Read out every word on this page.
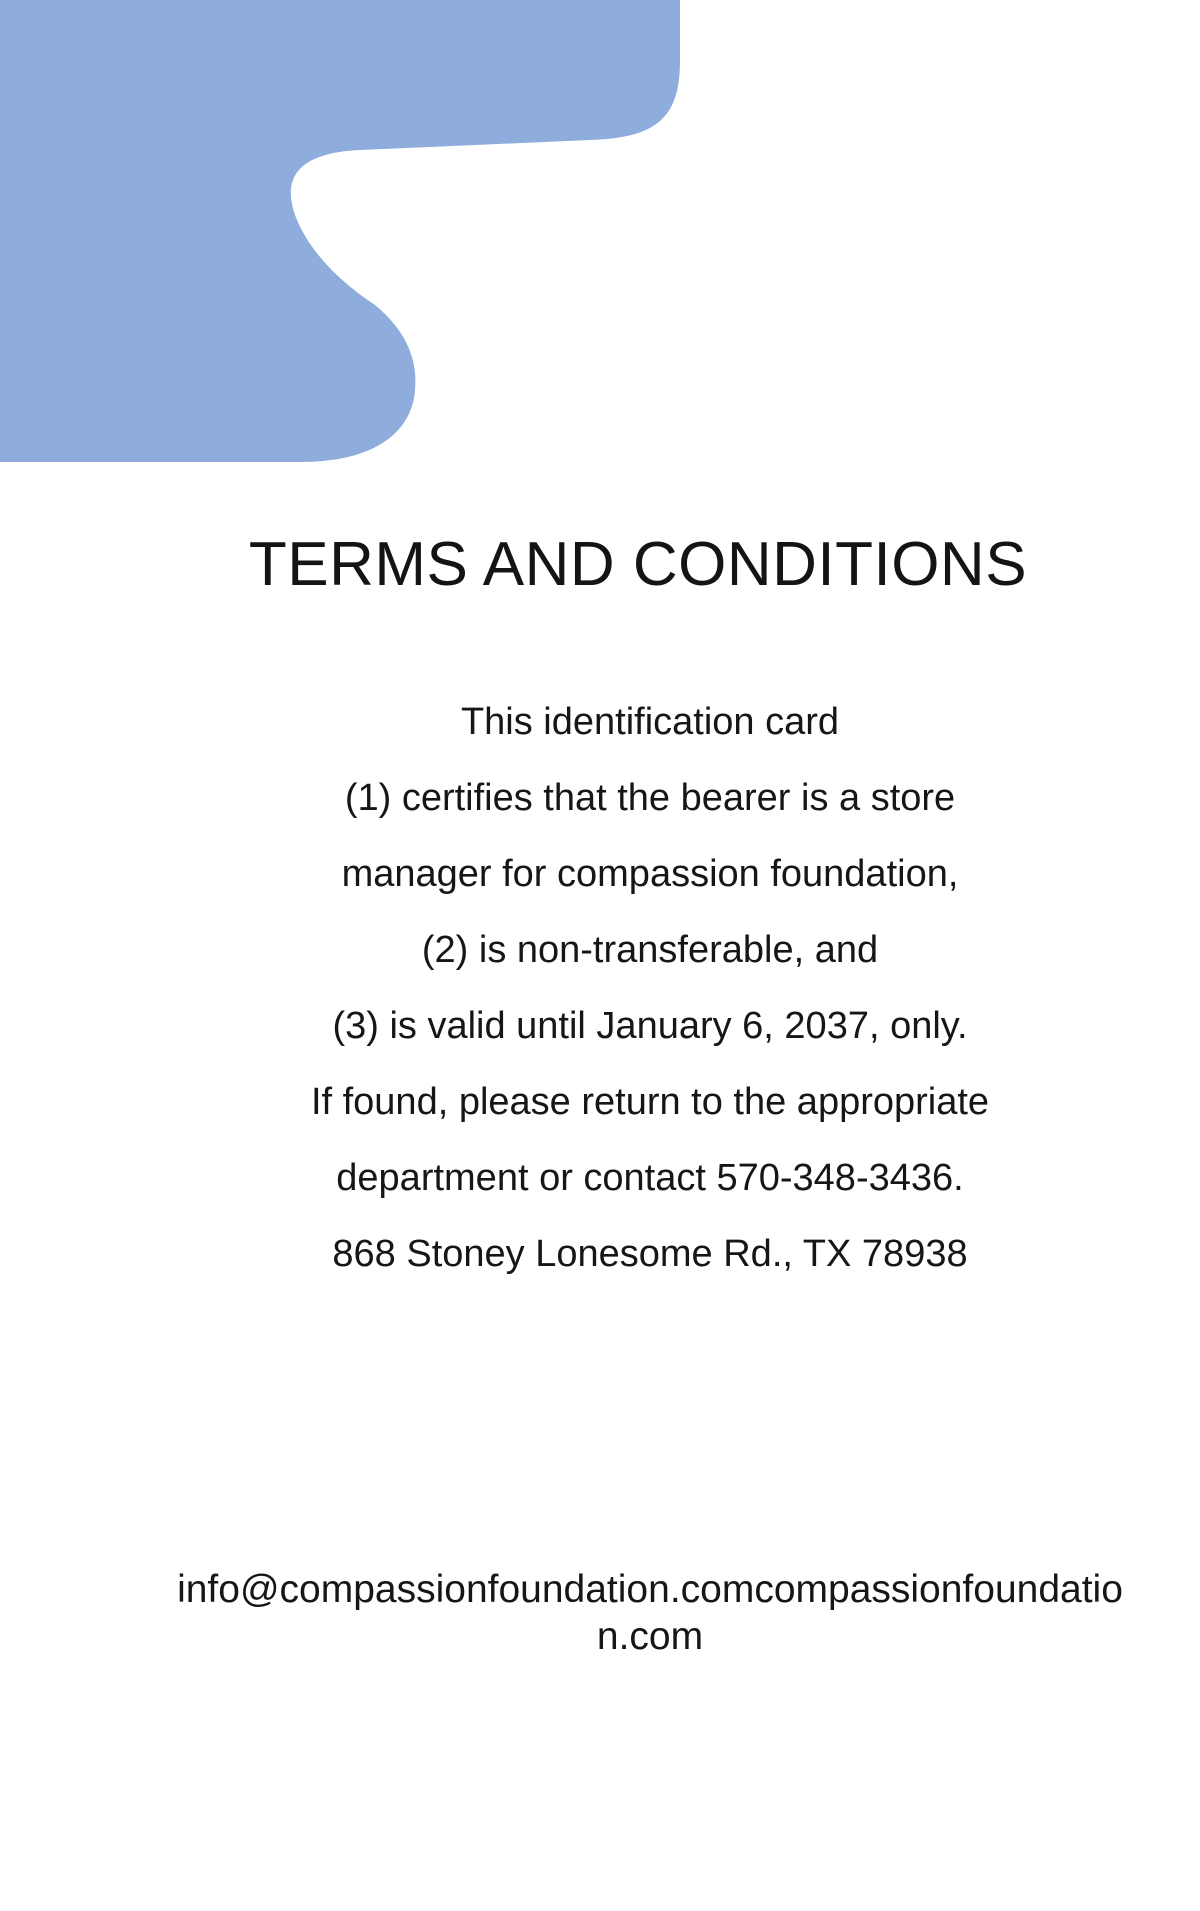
TERMS AND CONDITIONS
This identification card
(1) certifies that the bearer is a store
manager for compassion foundation,
(2) is non-transferable, and
(3) is valid until January 6, 2037, only.
If found, please return to the appropriate
department or contact 570-348-3436.
868 Stoney Lonesome Rd., TX 78938

info@compassionfoundation.comcompassionfoundation.com
